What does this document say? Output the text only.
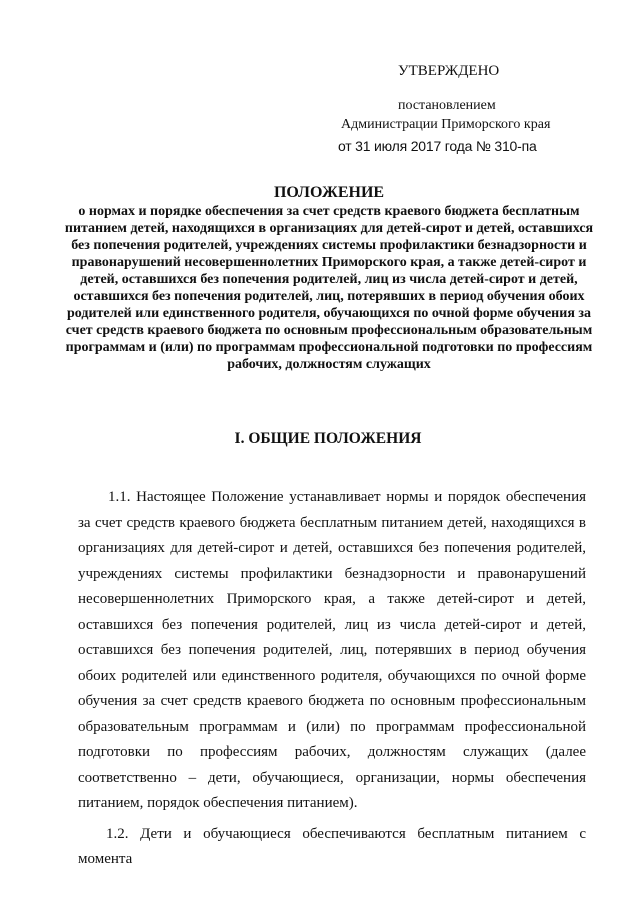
УТВЕРЖДЕНО
постановлением
Администрации Приморского края
от 31 июля 2017 года № 310-па
ПОЛОЖЕНИЕ
о нормах и порядке обеспечения за счет средств краевого бюджета бесплатным питанием детей, находящихся в организациях для детей-сирот и детей, оставшихся без попечения родителей, учреждениях системы профилактики безнадзорности и правонарушений несовершеннолетних Приморского края, а также детей-сирот и детей, оставшихся без попечения родителей, лиц из числа детей-сирот и детей, оставшихся без попечения родителей, лиц, потерявших в период обучения обоих родителей или единственного родителя, обучающихся по очной форме обучения за счет средств краевого бюджета по основным профессиональным образовательным программам и (или) по программам профессиональной подготовки по профессиям рабочих, должностям служащих
I. ОБЩИЕ ПОЛОЖЕНИЯ

1.1. Настоящее Положение устанавливает нормы и порядок обеспечения за счет средств краевого бюджета бесплатным питанием детей, находящихся в организациях для детей-сирот и детей, оставшихся без попечения родителей, учреждениях системы профилактики безнадзорности и правонарушений несовершеннолетних Приморского края, а также детей-сирот и детей, оставшихся без попечения родителей, лиц из числа детей-сирот и детей, оставшихся без попечения родителей, лиц, потерявших в период обучения обоих родителей или единственного родителя, обучающихся по очной форме обучения за счет средств краевого бюджета по основным профессиональным образовательным программам и (или) по программам профессиональной подготовки по профессиям рабочих, должностям служащих (далее соответственно – дети, обучающиеся, организации, нормы обеспечения питанием, порядок обеспечения питанием).

1.2. Дети и обучающиеся обеспечиваются бесплатным питанием с момента
